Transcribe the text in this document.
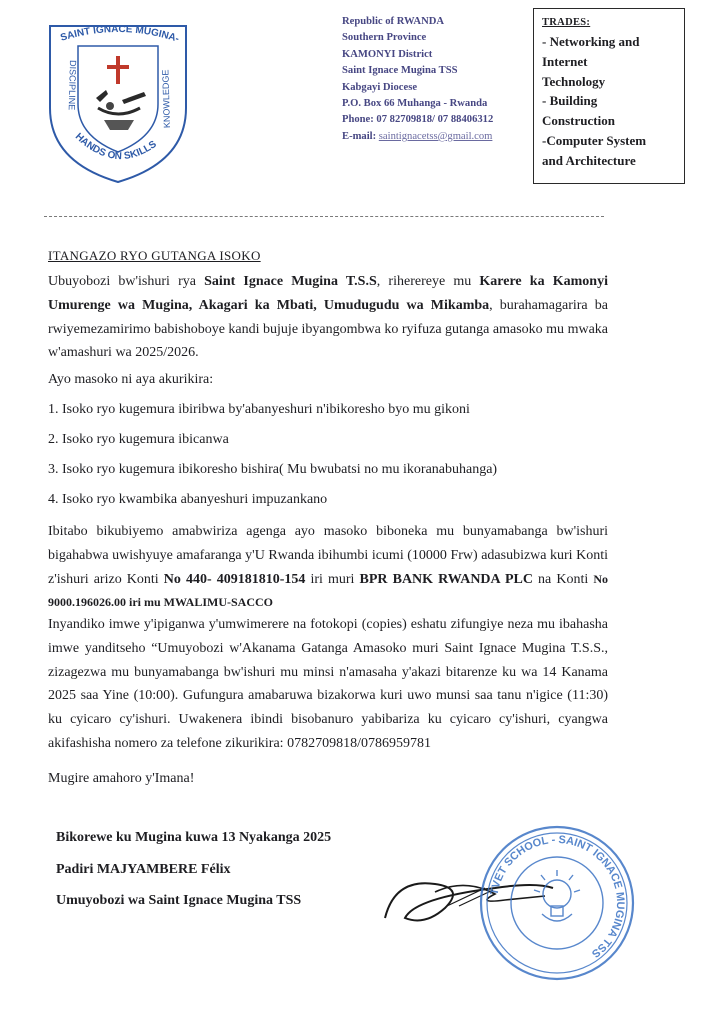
SAINT IGNACE MUGINA-
DISCIPLINE
KNOWLEDGE
HANDS ON SKILLS
Republic of RWANDA
Southern Province
KAMONYI District
Saint Ignace Mugina TSS
Kabgayi Diocese
P.O. Box 66 Muhanga - Rwanda
Phone: 07 82709818/ 07 88406312
E-mail: saintignacetss@gmail.com
TRADES:
- Networking and
Internet
Technology
- Building
Construction
-Computer System
and Architecture
ITANGAZO RYO GUTANGA ISOKO
Ubuyobozi bw'ishuri rya Saint Ignace Mugina T.S.S, riherereye mu Karere ka Kamonyi Umurenge wa Mugina, Akagari ka Mbati, Umudugudu wa Mikamba, burahamagarira ba rwiyemezamirimo babishoboye kandi bujuje ibyangombwa ko ryifuza gutanga amasoko mu mwaka w'amashuri wa 2025/2026.
Ayo masoko ni aya akurikira:
1. Isoko ryo kugemura ibiribwa by'abanyeshuri n'ibikoresho byo mu gikoni
2. Isoko ryo kugemura ibicanwa
3. Isoko ryo kugemura ibikoresho bishira( Mu bwubatsi no mu ikoranabuhanga)
4. Isoko ryo kwambika abanyeshuri impuzankano
Ibitabo bikubiyemo amabwiriza agenga ayo masoko biboneka mu bunyamabanga bw'ishuri bigahabwa uwishyuye amafaranga y'U Rwanda ibihumbi icumi (10000 Frw) adasubizwa kuri Konti z'ishuri arizo Konti No 440- 409181810-154 iri muri BPR BANK RWANDA PLC na Konti No 9000.196026.00 iri mu MWALIMU-SACCO
Inyandiko imwe y'ipiganwa y'umwimerere na fotokopi (copies) eshatu zifungiye neza mu ibahasha imwe yanditseho “Umuyobozi w'Akanama Gatanga Amasoko muri Saint Ignace Mugina T.S.S., zizagezwa mu bunyamabanga bw'ishuri mu minsi n'amasaha y'akazi bitarenze ku wa 14 Kanama 2025 saa Yine (10:00). Gufungura amabaruwa bizakorwa kuri uwo munsi saa tanu n'igice (11:30) ku cyicaro cy'ishuri. Uwakenera ibindi bisobanuro yabibariza ku cyicaro cy'ishuri, cyangwa akifashisha nomero za telefone zikurikira: 0782709818/0786959781
Mugire amahoro y'Imana!
Bikorewe ku Mugina kuwa 13 Nyakanga 2025
Padiri MAJYAMBERE Félix
Umuyobozi wa Saint Ignace Mugina TSS
TVET SCHOOL - SAINT IGNACE MUGINA TSS
